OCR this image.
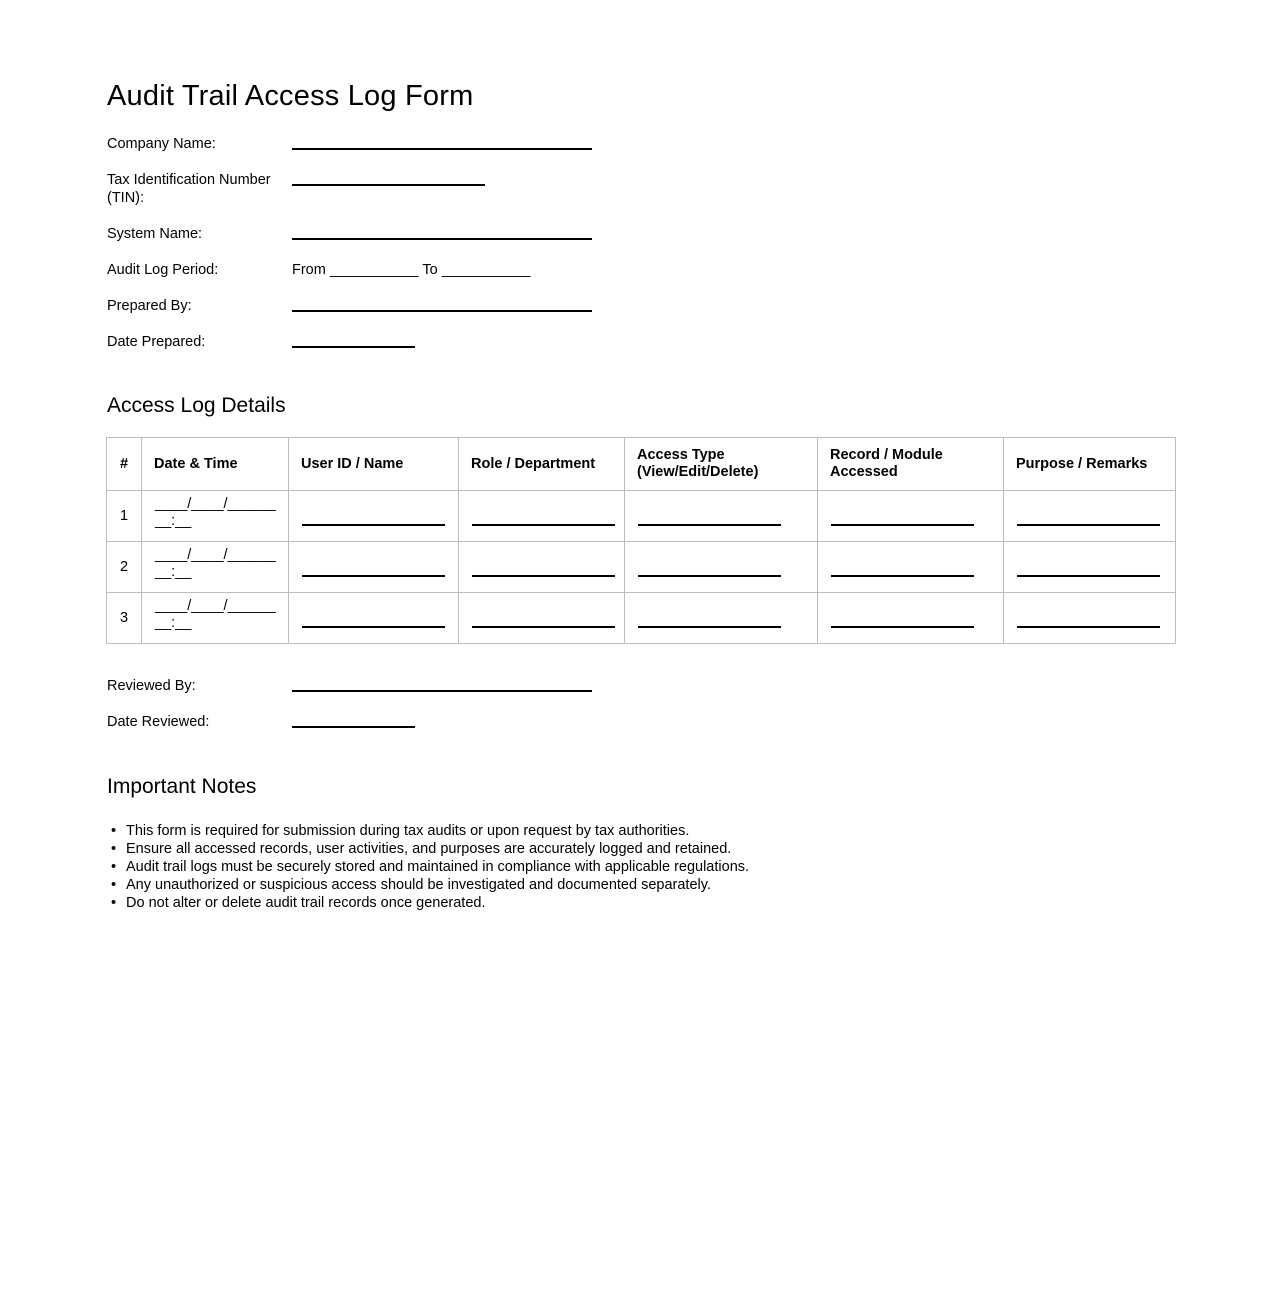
Audit Trail Access Log Form
Company Name:
Tax Identification Number (TIN):
System Name:
Audit Log Period:	From ___________ To ___________
Prepared By:
Date Prepared:
Access Log Details
#	Date & Time	User ID / Name	Role / Department	Access Type (View/Edit/Delete)	Record / Module Accessed	Purpose / Remarks
1	____/____/______
__:__					

2	____/____/______
__:__					

3	____/____/______
__:__					

Reviewed By:
Date Reviewed:
Important Notes
• This form is required for submission during tax audits or upon request by tax authorities.
• Ensure all accessed records, user activities, and purposes are accurately logged and retained.
• Audit trail logs must be securely stored and maintained in compliance with applicable regulations.
• Any unauthorized or suspicious access should be investigated and documented separately.
• Do not alter or delete audit trail records once generated.
